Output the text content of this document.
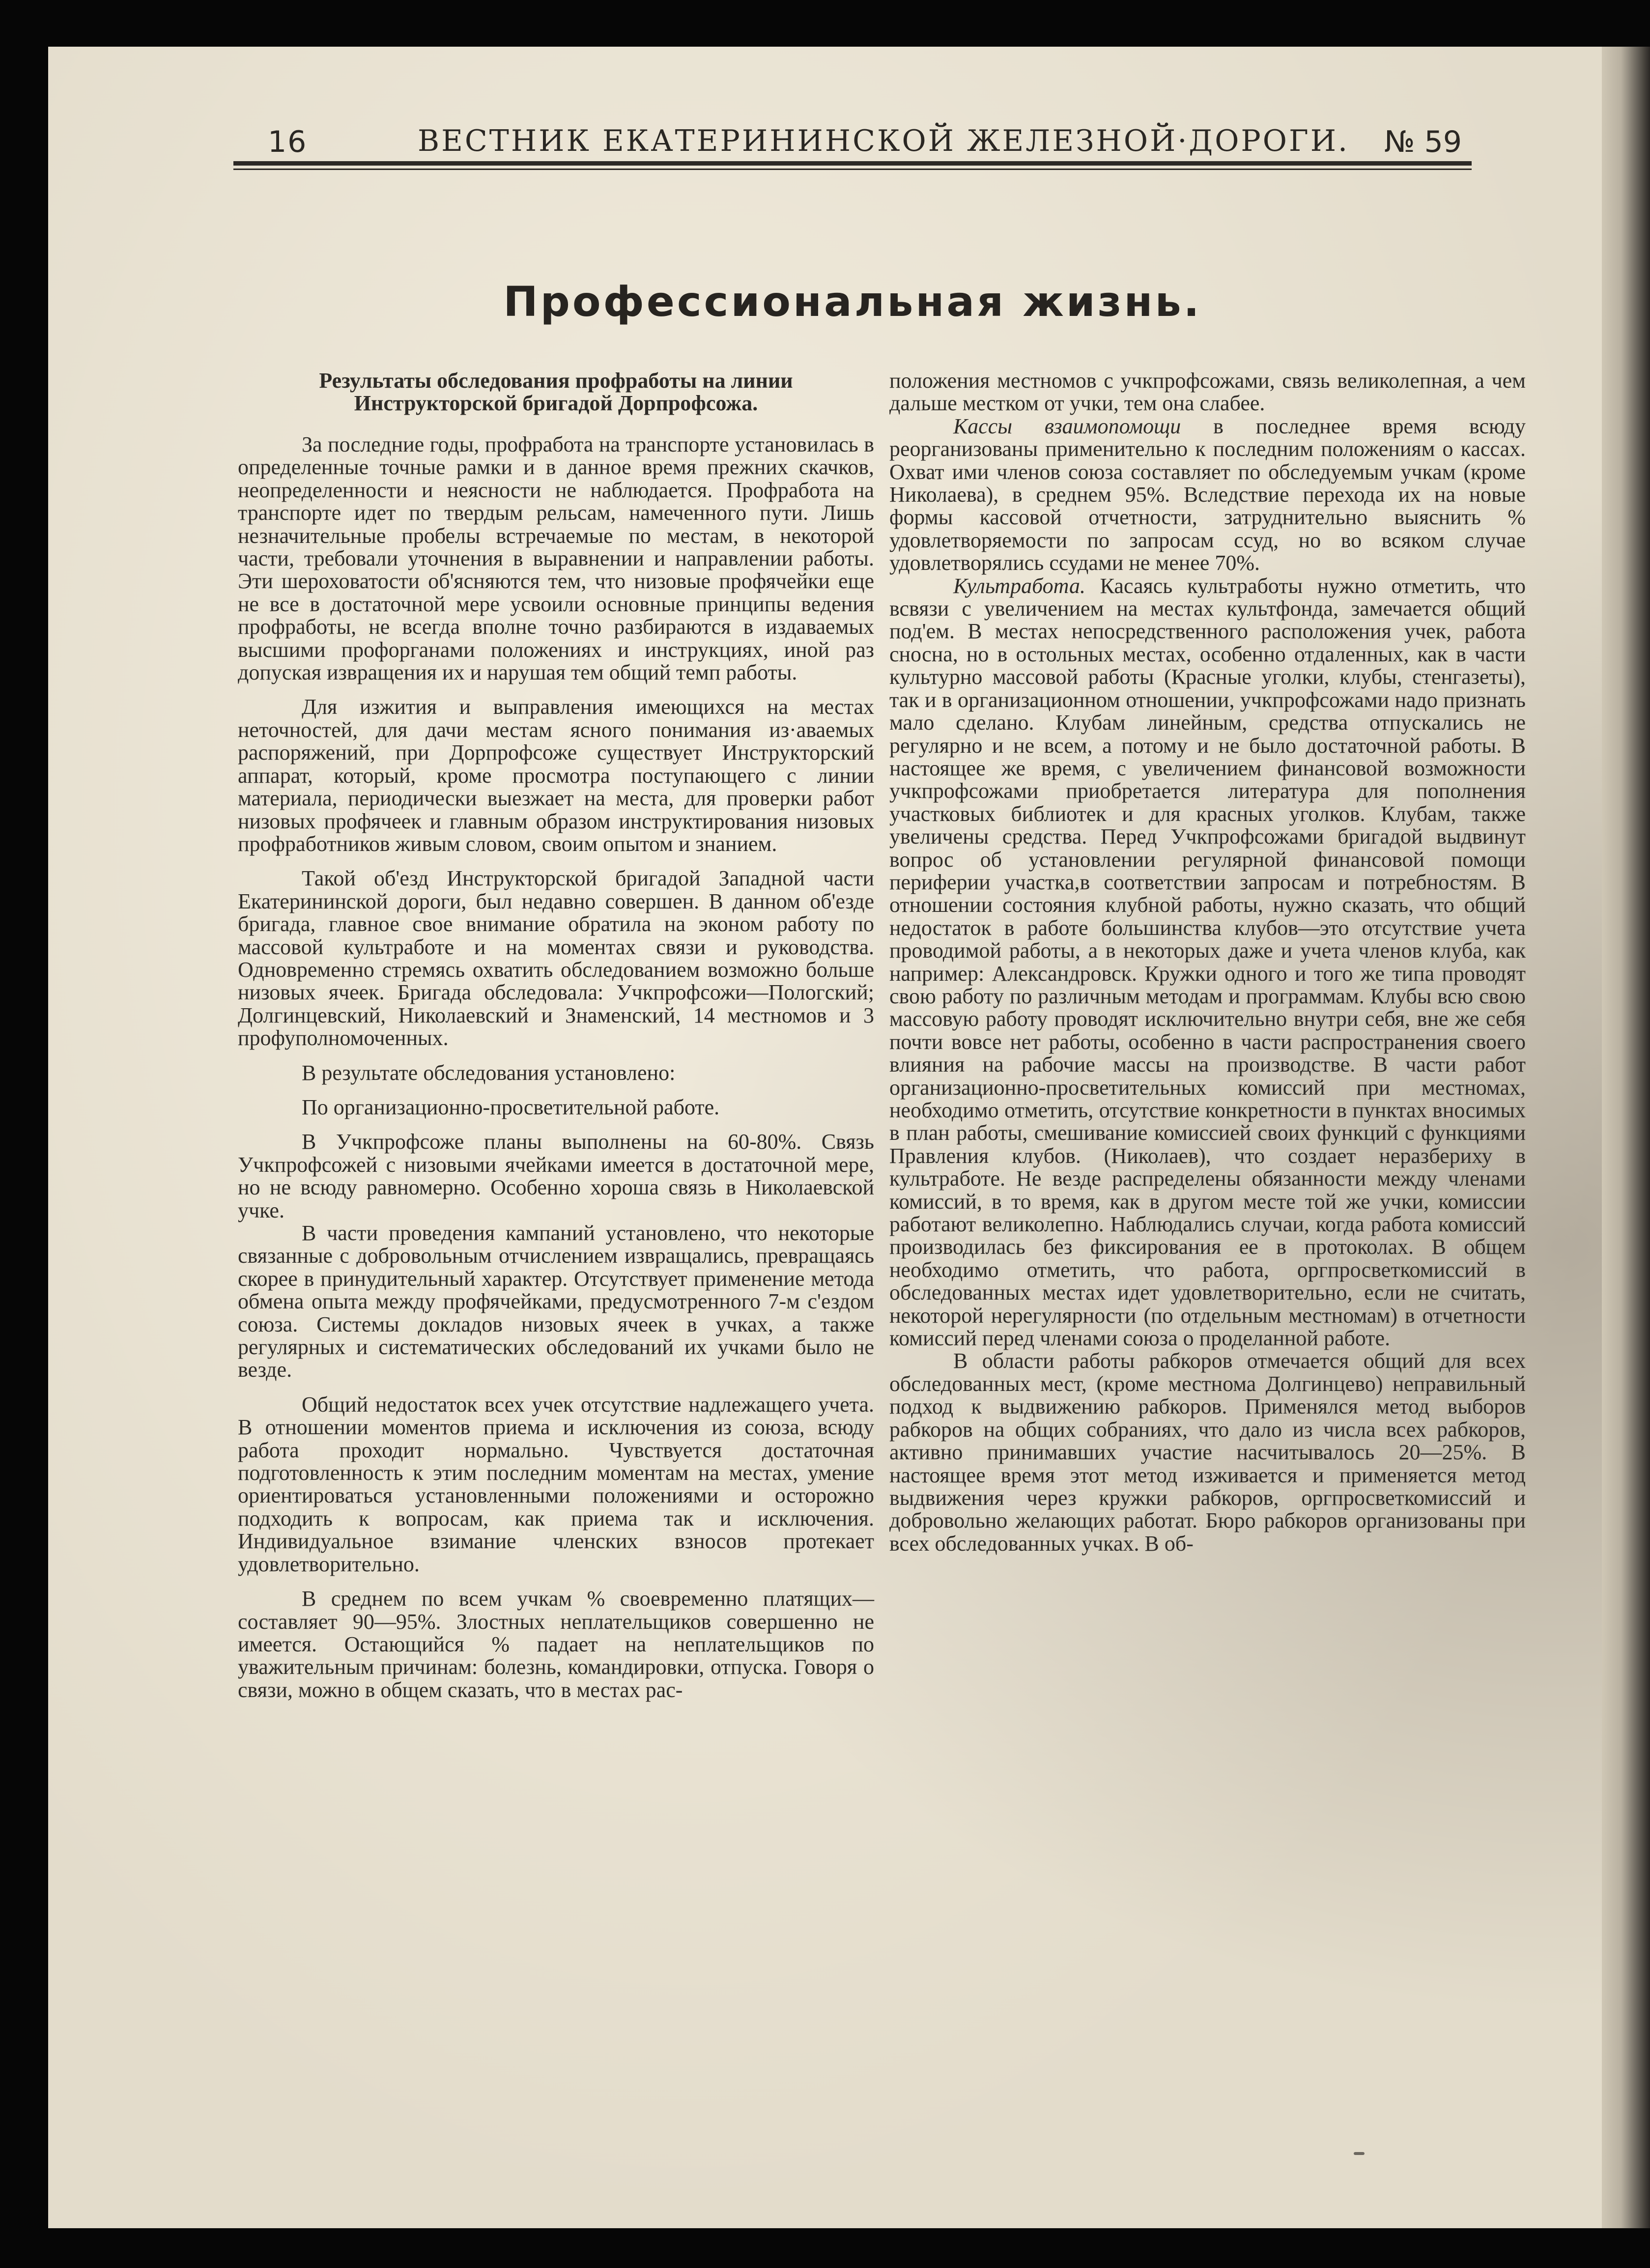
16	ВЕСТНИК ЕКАТЕРИНИНСКОЙ ЖЕЛЕЗНОЙ·ДОРОГИ. № 59
Профессиональная жизнь.
Результаты обследования профработы на линии
Инструкторской бригадой Дорпрофсожа.

За последние годы, профработа на транспорте установилась в определенные точные рамки и в данное время прежних скачков, неопределенности и неясности не наблюдается. Профработа на транспорте идет по твердым рельсам, намеченного пути. Лишь незначительные пробелы встречаемые по местам, в некоторой части, требовали уточнения в выравнении и направлении работы. Эти шероховатости об'ясняются тем, что низовые профячейки еще не все в достаточной мере усвоили основные принципы ведения профработы, не всегда вполне точно разбираются в издаваемых высшими профорганами положениях и инструкциях, иной раз допуская извращения их и нарушая тем общий темп работы.

Для изжития и выправления имеющихся на местах неточностей, для дачи местам ясного понимания из·аваемых распоряжений, при Дорпрофсоже существует Инструкторский аппарат, который, кроме просмотра поступающего с линии материала, периодически выезжает на места, для проверки работ низовых профячеек и главным образом инструктирования низовых профработников живым словом, своим опытом и знанием.

Такой об'езд Инструкторской бригадой Западной части Екатерининской дороги, был недавно совершен. В данном об'езде бригада, главное свое внимание обратила на эконом работу по массовой культработе и на моментах связи и руководства. Одновременно стремясь охватить обследованием возможно больше низовых ячеек. Бригада обследовала: Учкпрофсожи—Пологский; Долгинцевский, Николаевский и Знаменский, 14 местномов и 3 профуполномоченных.

В результате обследования установлено:

По организационно-просветительной работе.

В Учкпрофсоже планы выполнены на 60-80%. Связь Учкпрофсожей с низовыми ячейками имеется в достаточной мере, но не всюду равномерно. Особенно хороша связь в Николаевской учке.

В части проведения кампаний установлено, что некоторые связанные с добровольным отчислением извращались, превращаясь скорее в принудительный характер. Отсутствует применение метода обмена опыта между профячейками, предусмотренного 7-м с'ездом союза. Системы докладов низовых ячеек в учках, а также регулярных и систематических обследований их учками было не везде.

Общий недостаток всех учек отсутствие надлежащего учета. В отношении моментов приема и исключения из союза, всюду работа проходит нормально. Чувствуется достаточная подготовленность к этим последним моментам на местах, умение ориентироваться установленными положениями и осторожно подходить к вопросам, как приема так и исключения. Индивидуальное взимание членских взносов протекает удовлетворительно.

В среднем по всем учкам % своевременно платящих—составляет 90—95%. Злостных неплательщиков совершенно не имеется. Остающийся % падает на неплательщиков по уважительным причинам: болезнь, командировки, отпуска. Говоря о связи, можно в общем сказать, что в местах рас-

положения местномов с учкпрофсожами, связь великолепная, а чем дальше местком от учки, тем она слабее.

Кассы взаимопомощи в последнее время всюду реорганизованы применительно к последним положениям о кассах. Охват ими членов союза составляет по обследуемым учкам (кроме Николаева), в среднем 95%. Вследствие перехода их на новые формы кассовой отчетности, затруднительно выяснить % удовлетворяемости по запросам ссуд, но во всяком случае удовлетворялись ссудами не менее 70%.

Культработа. Касаясь культработы нужно отметить, что всвязи с увеличением на местах культфонда, замечается общий под'ем. В местах непосредственного расположения учек, работа сносна, но в остольных местах, особенно отдаленных, как в части культурно массовой работы (Красные уголки, клубы, стенгазеты), так и в организационном отношении, учкпрофсожами надо признать мало сделано. Клубам линейным, средства отпускались не регулярно и не всем, а потому и не было достаточной работы. В настоящее же время, с увеличением финансовой возможности учкпрофсожами приобретается литература для пополнения участковых библиотек и для красных уголков. Клубам, также увеличены средства. Перед Учкпрофсожами бригадой выдвинут вопрос об установлении регулярной финансовой помощи периферии участка,в соответствии запросам и потребностям. В отношении состояния клубной работы, нужно сказать, что общий недостаток в работе большинства клубов—это отсутствие учета проводимой работы, а в некоторых даже и учета членов клуба, как например: Александровск. Кружки одного и того же типа проводят свою работу по различным методам и программам. Клубы всю свою массовую работу проводят исключительно внутри себя, вне же себя почти вовсе нет работы, особенно в части распространения своего влияния на рабочие массы на производстве. В части работ организационно-просветительных комиссий при местномах, необходимо отметить, отсутствие конкретности в пунктах вносимых в план работы, смешивание комиссией своих функций с функциями Правления клубов. (Николаев), что создает неразбериху в культработе. Не везде распределены обязанности между членами комиссий, в то время, как в другом месте той же учки, комиссии работают великолепно. Наблюдались случаи, когда работа комиссий производилась без фиксирования ее в протоколах. В общем необходимо отметить, что работа, оргпросветкомиссий в обследованных местах идет удовлетворительно, если не считать, некоторой нерегулярности (по отдельным местномам) в отчетности комиссий перед членами союза о проделанной работе.

В области работы рабкоров отмечается общий для всех обследованных мест, (кроме местнома Долгинцево) неправильный подход к выдвижению рабкоров. Применялся метод выборов рабкоров на общих собраниях, что дало из числа всех рабкоров, активно принимавших участие насчитывалось 20—25%. В настоящее время этот метод изживается и применяется метод выдвижения через кружки рабкоров, оргпросветкомиссий и добровольно желающих работат. Бюро рабкоров организованы при всех обследованных учках. В об-
